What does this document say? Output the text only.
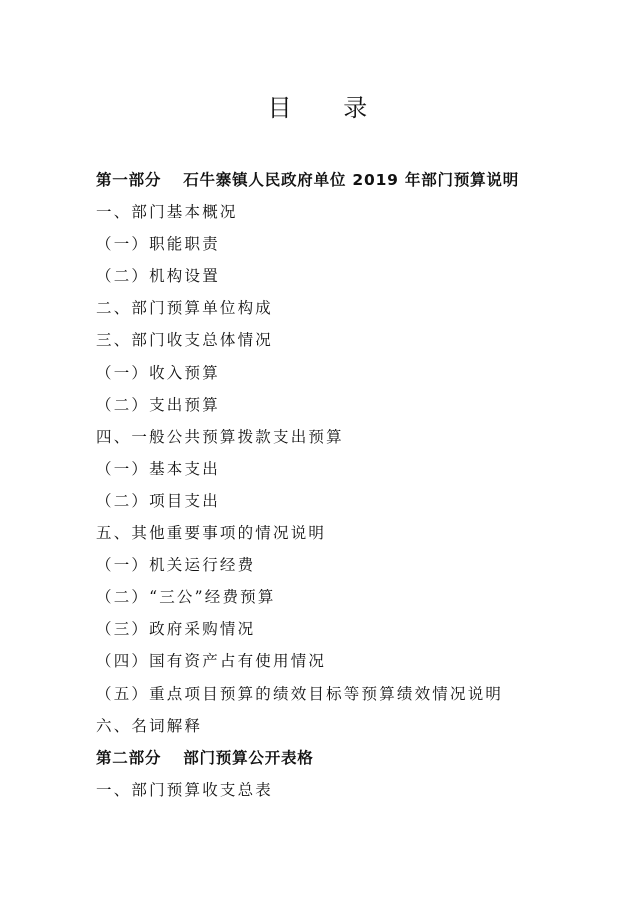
目 录
第一部分 石牛寨镇人民政府单位 2019 年部门预算说明
一、部门基本概况
（一）职能职责
（二）机构设置
二、部门预算单位构成
三、部门收支总体情况
（一）收入预算
（二）支出预算
四、一般公共预算拨款支出预算
（一）基本支出
（二）项目支出
五、其他重要事项的情况说明
（一）机关运行经费
（二）“三公”经费预算
（三）政府采购情况
（四）国有资产占有使用情况
（五）重点项目预算的绩效目标等预算绩效情况说明
六、名词解释
第二部分 部门预算公开表格
一、部门预算收支总表
